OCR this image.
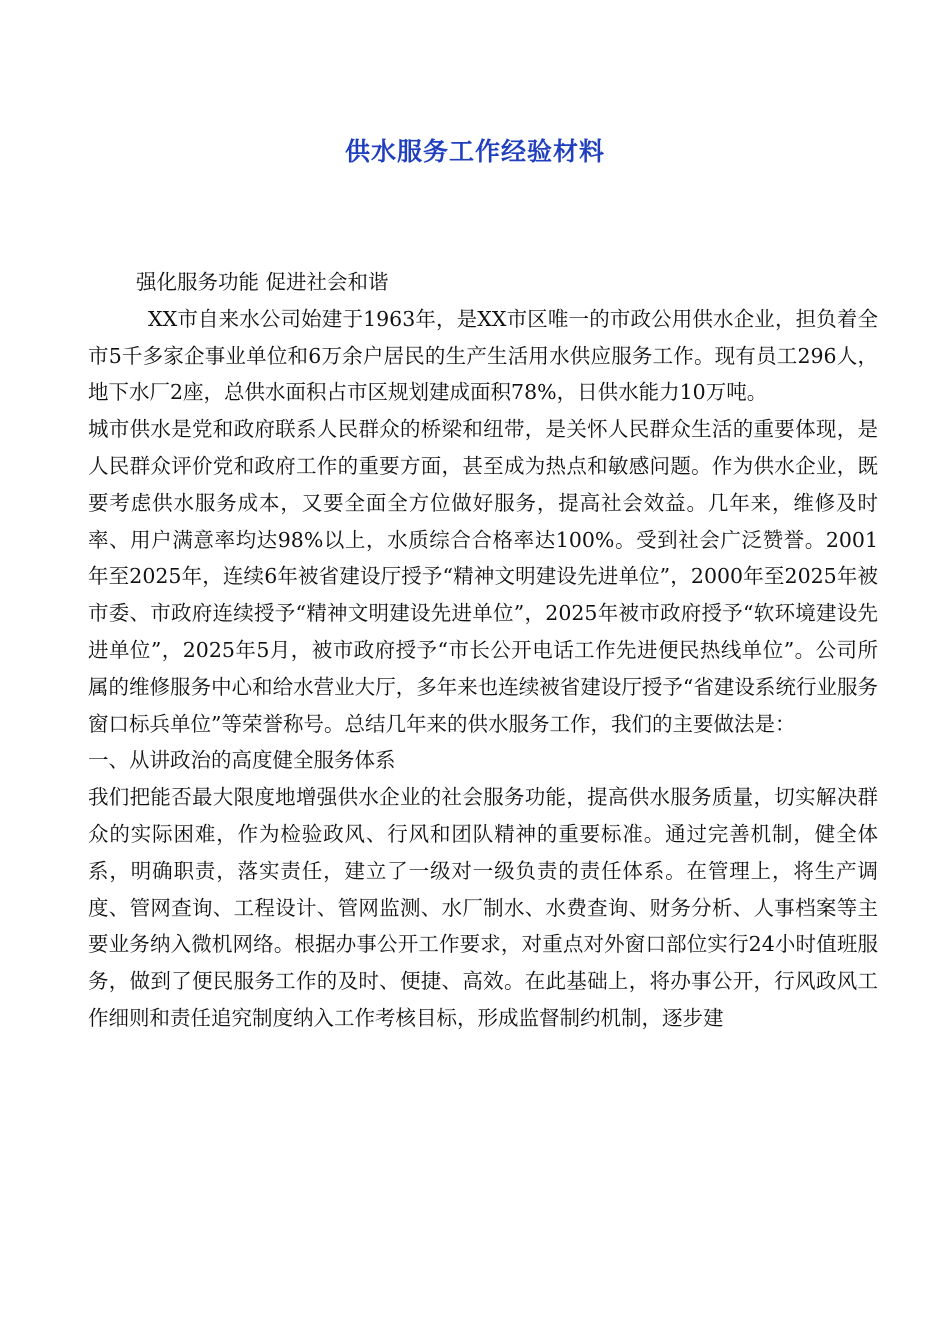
供水服务工作经验材料

强化服务功能 促进社会和谐

XX市自来水公司始建于1963年，是XX市区唯一的市政公用供水企业，担负着全市5千多家企事业单位和6万余户居民的生产生活用水供应服务工作。现有员工296人，地下水厂2座，总供水面积占市区规划建成面积78%，日供水能力10万吨。

城市供水是党和政府联系人民群众的桥梁和纽带，是关怀人民群众生活的重要体现，是人民群众评价党和政府工作的重要方面，甚至成为热点和敏感问题。作为供水企业，既要考虑供水服务成本，又要全面全方位做好服务，提高社会效益。几年来，维修及时率、用户满意率均达98%以上，水质综合合格率达100%。受到社会广泛赞誉。2001年至2025年，连续6年被省建设厅授予“精神文明建设先进单位”，2000年至2025年被市委、市政府连续授予“精神文明建设先进单位”，2025年被市政府授予“软环境建设先进单位”，2025年5月，被市政府授予“市长公开电话工作先进便民热线单位”。公司所属的维修服务中心和给水营业大厅，多年来也连续被省建设厅授予“省建设系统行业服务窗口标兵单位”等荣誉称号。总结几年来的供水服务工作，我们的主要做法是：

一、从讲政治的高度健全服务体系

我们把能否最大限度地增强供水企业的社会服务功能，提高供水服务质量，切实解决群众的实际困难，作为检验政风、行风和团队精神的重要标准。通过完善机制，健全体系，明确职责，落实责任，建立了一级对一级负责的责任体系。在管理上，将生产调度、管网查询、工程设计、管网监测、水厂制水、水费查询、财务分析、人事档案等主要业务纳入微机网络。根据办事公开工作要求，对重点对外窗口部位实行24小时值班服务，做到了便民服务工作的及时、便捷、高效。在此基础上，将办事公开，行风政风工作细则和责任追究制度纳入工作考核目标，形成监督制约机制，逐步建
